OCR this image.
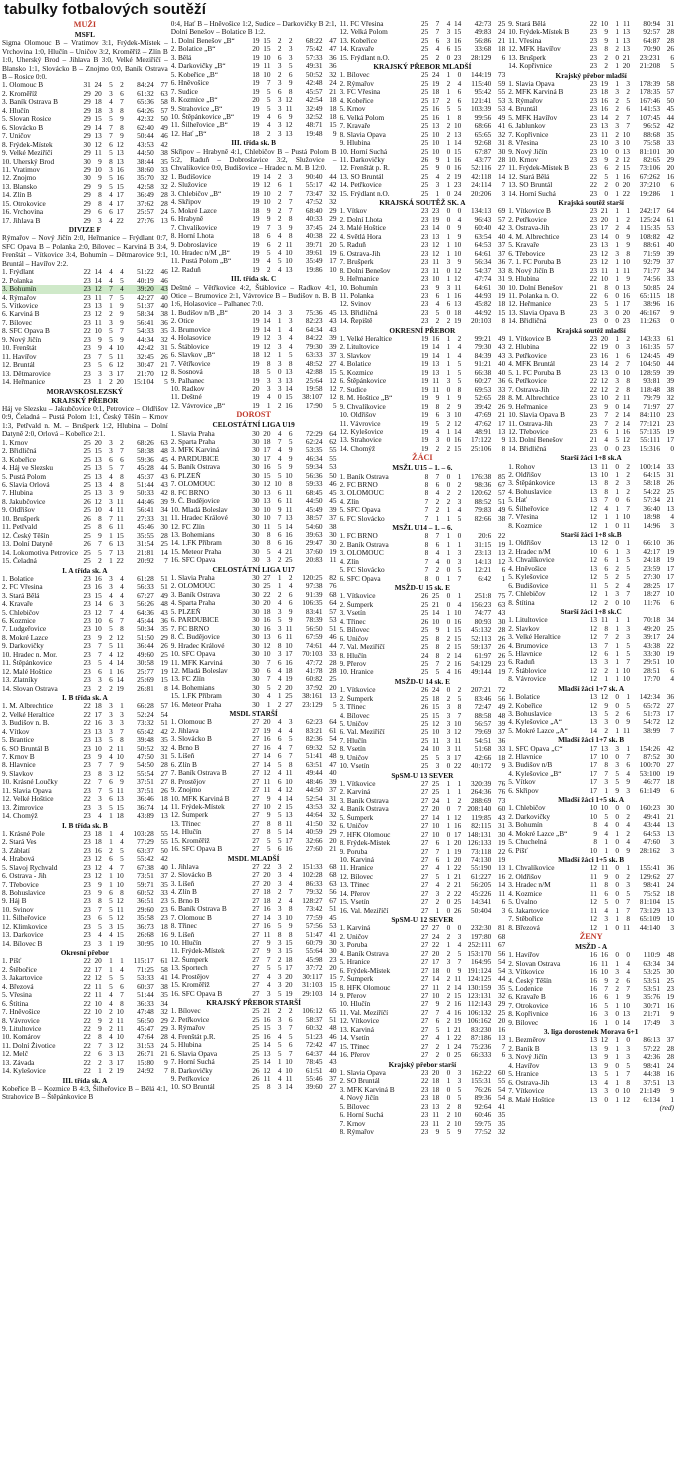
tabulky fotbalových soutěží
MUŽI
MSFL
Sigma Olomouc B – Vratimov 3:1, Frýdek-Místek – Vrchovina 1:0, Hlučín – Uničov 3:2, Kroměříž – Zlín B 1:0, Uherský Brod – Jihlava B 3:0, Velké Meziříčí – Blansko 1:1, Slovácko B – Znojmo 0:0, Baník Ostrava B – Rosice 0:0.
1. Olomouc B	31 24	5	2	84:24 77
2. Kroměříž	29 20	3	6	61:32 63
3. Baník Ostrava B	29 18	4	7	65:36 58
4. Hlučín	29 18	3	8	64:26 57
5. Slovan Rosice	29 15	5	9	42:32 50
6. Slovácko B	29 14	7	8	62:40 49
7. Uničov	29 13	7	9	50:44 46
8. Frýdek-Místek	30 12	6 12	43:53 42
9. Velké Meziříčí	29 11	5 13	44:50 38
10. Uherský Brod	30	9	8 13	38:44 35
11. Vratimov	29 10	3 16	38:60 33
12. Znojmo	30	9	5 16	35:70 32
13. Blansko	29	9	5 15	42:58 32
14. Zlín B	29	8	4 17	36:49 28
15. Otrokovice	29	8	4 17	37:62 28
16. Vrchovina	29	6	6 17	25:57 24
17. Jihlava B	29	3	4 22	27:76 13
DIVIZE F
Rýmařov – Nový Jičín 2:0, Heřmanice – Frýdlant 0:7, SFC Opava B – Polanka 2:0, Bílovec – Karviná B 3:4, Frenštát – Vítkovice 3:4, Bohumín – Dětmarovice 9:1, Bruntál – Havířov 2:2.
1. Frýdlant	22 14	4	4	51:22 46
2. Polanka	23 14	4	5	40:19 46
3. Bohumín	23 12	7	4	39:20 43
4. Rýmařov	23 11	7	5	42:27 40
5. Vítkovice	23 13	1	9	51:37 40
6. Karviná B	23 12	2	9	58:34 38
7. Bílovec	23 11	3	9	56:41 36
8. SFC Opava B	22 10	5	7	54:33 35
9. Nový Jičín	23	9	5	9	44:34 32
10. Frenštát	23	9	4 10	42:42 31
11. Havířov	23	7	5 11	32:45 26
12. Bruntál	23	5	6 12	30:47 21
13. Dětmarovice	23	3	3 17	21:70 12
14. Heřmanice	23	1	2 20	15:104	5
MORAVSKOSLEZSKÝ
KRAJSKÝ PŘEBOR
Háj ve Slezsku – Jakubčovice 0:1, Petrovice – Oldřišov 0:9, Čeladná – Pustá Polom 1:1, Český Těšín – Krnov 1:3, Petřvald n. M. – Brušperk 1:2, Hlubina – Dolní Datyně 2:0, Orlová – Kobeřice 2:1.
1. Krnov	25 20	3	2	68:26 63
2. Břidličná	25 15	3	7	58:38 48
3. Kobeřice	25 13	6	6	59:36 45
4. Háj ve Slezsku	25 13	5	7	45:28 44
5. Pustá Polom	25 13	4	8	45:37 43
6. Slavia Orlová	25 13	4	8	51:44 43
7. Hlubina	25 13	3	9	50:33 42
8. Jakubčovice	26 12	3 11	44:46 39
9. Oldřišov	25 10	4 11	56:41 34
10. Brušperk	26	8	7 11	27:33 31
11. Petřvald	25	8	6 11	45:46 30
12. Český Těšín	25	9	1 15	35:55 28
13. Dolní Datyně	26	7	6 13	31:54 25
14. Lokomotiva Petrovice 25	5	7 13	21:81 14
15. Čeladná	25	2	1 22	20:92	7
I. A třída sk. A
1. Bolatice	23 16	3	4	61:28 51
2. FC Vřesina	23 16	3	4	56:33 51
3. Stará Bělá	23 15	4	4	67:27 49
4. Kravaře	23 14	6	3	56:26 48
5. Chlebičov	23 12	7	4	64:36 43
6. Kozmice	23 10	6	7	45:44 36
7. Ludgeřovice	23 10	5	8	50:34 35
8. Mokré Lazce	23	9	2 12	51:50 29
9. Darkovičky	23	7	5 11	36:44 26
10. Hradec n. Mor.	23	7	4 12	49:60 25
11. Štěpánkovice	23	5	4 14	30:58 19
12. Malé Hoštice	23	6	1 16	25:77 19
13. Zlatníky	23	3	6 14	25:69 15
14. Slovan Ostrava	23	2	2 19	26:81	8
I. B třída sk. A
1. M. Albrechtice	22 18	3	1	66:28 57
2. Velké Heraltice	22 17	3	3	52:24 54
3. Budišov n. B.	22 16	3	3	73:32 51
4. Vítkov	23 13	3	7	65:42 42
5. Brantice	23 13	5	8	39:48 35
6. SO Bruntál B	23 10	2 11	50:52 32
7. Krnov B	23	9	4 10	47:50 31
8. Hlavnice	23	7	7	9	54:50 28
9. Slavkov	23	8	3 12	55:54 27
10. Krásné Loučky	22	7	6	9	37:51 27
11. Slavia Opava	23	7	5 11	37:51 26
12. Velké Hoštice	22	3	6 13	36:46 18
13. Žimrovice	23	3	5 15	36:74 14
14. Chomýž	23	4	1 18	43:89 13
I. B třída sk. B
1. Krásné Pole	23 18	1	4	103:28 55
2. Stará Ves	23 18	1	4	77:29 55
3. Záblatí	23 16	2	5	63:37 50
4. Hrabová	23 12	6	5	55:42 42
5. Slavoj Rychvald	23 12	4	7	67:38 40
6. Ostrava - Jih	23 12	1 10	73:51 37
7. Třebovice	23	9	1 10	59:71 35
8. Bohuslavice	23	9	6	8	60:52 33
9. Háj B	23	8	5 12	36:51 23
10. Svinov	23	7	5 11	29:60 23
11. Šilheřovice	23	6	5 12	35:58 23
12. Klimkovice	23	5	3 15	36:73 18
13. Darkovice	23	4	4 15	26:68 16
14. Bílovec B	23	3	1 19	30:95 10
Okresní přebor
1. Píšť	22 20	1	1	115:17 61
2. Štěbořice	22 17	1	4	71:25 58
3. Jakartovice	22 12	5	5	53:33 41
4. Březová	22 11	5	6	60:37 38
5. Vřesina	22 11	4	7	51:44 35
6. Štítina	22 10	4	8	36:33 34
7. Hněvošice	22 10	2 10	47:48 32
8. Vávrovice	22	9	2 11	56:50 29
9. Litultovice	22	9	2 11	45:47 29
10. Komárov	22	8	4 10	47:64 28
11. Dolní Životice	22	7	3 12	31:53 24
12. Melč	22	6	3 13	26:71 21
13. Závada	22	2	3 17	15:80	9
14. Kylešovice	22	1	2 19	24:92	7
III. třída sk. A
Kobeřice B – Kozmice B 4:3, Šilheřovice B – Bělá 4:1, Strahovice B – Štěpánkovice B
0:4, Hať B – Hněvošice 1:2, Sudice – Darkovičky B 2:1, Dolní Benešov – Bolatice B 1:2.
1. Dolní Benešov „B“	19 15	2	2	68:22 47
2. Bolatice „B“	20 15	2	3	75:42 47
3. Bělá	19 10	6	3	57:33 36
4. Darkovičky „B“	19 11	3	5	49:31 36
5. Kobeřice „B“	18 10	2	6	50:52 32
6. Hněvošice	19	7	3	9	42:48 24
7. Sudice	19	5	6	8	45:57 21
8. Kozmice „B“	20	5	3 12	42:54 18
9. Strahovice „B“	19	5	3 11	32:49 18
10. Štěpánkovice „B“	19	4	6	9	32:52 18
11. Šilheřovice „B“	19	4	3 12	48:71 15
12. Hať „B“	18	2	3 13	19:48	9
III. třída sk. B
Skřipov – Hrabyně 4:1, Chlebičov B – Pustá Polom B 5:2, Raduň – Dobroslavice 3:2, Služovice – Chvalíkovice 0:0, Budišovice – Hradec n. M. B 12:0.
1. Budišovice	19 14	2	3	90:40 44
2. Služovice	19 12	6	1	55:17 42
3. Chlebičov „B“	19 10	2	7	73:47 32
4. Skřipov	19 10	2	7	47:52 32
5. Mokré Lazce	18	9	2	7	68:40 29
6. Hrabyně	19	9	2	8	40:33 29
7. Chvalíkovice	19	7	3	9	37:45 24
8. Horní Lhota	18	6	4	8	40:38 22
9. Dobroslavice	19	6	2 11	39:71 20
10. Hradec n/M „B“	19	5	4 10	39:61 19
11. Pustá Polom „B“	19	4	5 10	35:49 17
12. Raduň	19	2	4 13	19:86 10
III. třída sk. C
Deštné – Větřkovice 4:2, Štáblovice – Radkov 4:1, Otice – Brumovice 2:1, Vávrovice B – Budišov n. B. B 1:6, Holasovice – Palhanec 7:0.
1. Budišov n/B „B“	20 14	3	3	75:36 45
2. Otice	19 14	1	3	82:23 43
3. Brumovice	19 14	1	4	64:34 43
4. Holasovice	19 12	3	4	84:22 39
5. Štáblovice	19 12	3	4	79:30 39
6. Slavkov „B“	18 12	1	5	63:33 37
7. Větřkovice	19	8	3	8	48:52 27
8. Sosnová	18	5	0 13	42:88 15
9. Palhanec	19	3	3 13	25:64 12
10. Radkov	20	3	3 14	19:58 12
11. Deštné	19	4	0 15	38:107 12
12. Vávrovice „B“	19	1	2 16	17:90	5
DOROST
CELOSTÁTNÍ LIGA U19
1. Slavia Praha	30 20	4	6	72:29 64
2. Sparta Praha	30 18	7	5	62:24 62
3. MFK Karviná	30 17	4	9	53:35 55
4. PARDUBICE	30 17	4	9	46:34 55
5. Baník Ostrava	30 16	5	9	59:34 53
6. PLZEŇ	30 15	5 10	56:36 50
7. OLOMOUC	30 12 10	8	59:33 46
8. FC BRNO	30 13	6 11	68:45 45
9. Č. Budějovice	30 13	6 11	44:50 45
10. Mladá Boleslav	30 10	9 11	45:49 39
11. Hradec Králové	30 10	7 13	38:57 37
12. FC Zlín	30 11	5 14	54:60 38
13. Bohemians	30	8	6 16	39:63 30
14. 1.FK Příbram	30	8	6 16	29:47 30
15. Meteor Praha	30	5	4 21	37:60 19
16. SFC Opava	30	3	2 25	20:83 11
CELOSTÁTNÍ LIGA U17
1. Slavia Praha	30 27	1	2	120:25 82
2. OLOMOUC	30 25	1	4	97:38 76
3. Baník Ostrava	30 22	2	6	91:39 68
4. Sparta Praha	30 20	4	6	106:35 64
5. PLZEŇ	30 18	3	9	83:41 57
6. PARDUBICE	30 16	5	9	78:39 53
7. FC BRNO	30 16	3 11	56:50 51
8. Č. Budějovice	30 13	6 11	67:59 46
9. Hradec Králové	30 12	8 10	74:61 44
10. SFC Opava	30 10	3 17	70:103 33
11. MFK Karviná	30	7	6 16	47:72 28
12. Mladá Boleslav	30	6	4 18	41:78 28
13. FC Zlín	30	7	4 19	60:82 25
14. Bohemians	30	5	2 20	37:92 20
15. 1.FK Příbram	30	4	1 25	38:161 13
16. Meteor Praha	30	1	2 27	23:129	5
MSDL STARŠÍ
1. Olomouc B	27 20	4	3	62:23 64
2. Jihlava	27 19	4	4	83:21 61
3. Slovácko B	27 16	6	5	82:36 54
4. Brno B	27 16	4	7	69:32 52
5. Líšeň	27 14	6	7	51:41 48
6. Zlín B	27 14	5	8	63:51 47
7. Baník Ostrava B	27 12	4 11	49:44 40
8. Prostějov	27 11	6 10	48:46 39
9. Znojmo	27 11	4 12	44:50 37
10. MFK Karviná B	27	9	4 14	52:54 31
11. Frýdek-Místek	27 10	2 15	43:53 32
12. Šumperk	27	9	5 13	44:64 32
13. Třinec	27	8	8 11	41:50 32
14. Hlučín	27	8	5 14	40:59 29
15. Kroměříž	27	5	5 17	32:66 20
16. SFC Opava B	27	5	6 16	27:60 21
MSDL MLADŠÍ
1. Jihlava	27 22	3	2	151:33 68
2. Slovácko B	27 20	3	4	102:28 68
3. Líšeň	27 20	3	4	86:33 63
4. Zlín B	27 18	2	7	79:32 56
5. Brno B	27 18	2	4	128:27 67
6. Baník Ostrava B	27 16	3	8	73:42 51
7. Olomouc B	27 14	3 10	77:59 45
8. Třinec	27 16	5	9	57:56 53
9. Líšeň	27 11	8	8	51:47 41
10. Hlučín	27	9	3 15	60:79 30
11. Frýdek-Místek	27	9	3 15	55:64 30
12. Šumperk	27	7	2 18	45:98 23
13. Sportech	27	5	5 17	37:72 20
14. Prostějov	27	4	3 20	30:117 15
15. Kroměříž	27	4	3 20	31:103 15
16. SFC Opava B	27	3	5 19	29:103 14
KRAJSKÝ PŘEBOR STARŠÍ
1. Bílovec	25 21	2	2	106:12 65
2. Petřkovice	25 16	3	6	58:37 51
3. Rýmařov	25 15	3	7	60:32 48
4. Frenštát p.R.	25 16	4	5	51:23 46
5. Hlubina	25 14	5	6	72:42 47
6. Slavia Opava	25 13	5	7	64:37 44
7. Horní Suchá	25 14	1 10	78:45 43
8. Darkovičky	26 12	4 10	61:51 40
9. Petřkovice	26 11	4 11	55:46 37
10. SO Bruntál	25	8	3 14	39:60 27
11. FC Vřesina	25	7	4 14	42:73 25
12. Velká Polom	25	7	3 15	49:83 24
13. Kobeřice	25	6	3 16	56:86 21
14. Kravaře	25	4	6 15	33:68 18
15. Frýdlant n.O.	25	2	0 23	28:129	6
KRAJSKÝ PŘEBOR MLADŠÍ
1. Bílovec	25 24	1	0	144:19 73
2. Rýmařov	25 19	2	4	115:40 59
3. FC Vřesina	25 18	1	6	95:42 55
4. Kobeřice	25 17	2	6	121:41 53
5. Krnov	25 16	5	5	103:39 53
6. Velká Polom	25 16	1	8	99:56 49
7. Kravaře	25 13	2 10	68:66 41
8. Slavia Opava	25 10	2 13	65:65 32
9. Hlubina	25 10	1 14	92:68 31
10. Horní Suchá	25 10	0 15	67:87 30
11. Darkovičky	26	9	1 16	43:77 28
12. Frenštát p. R.	25	9	0 16	52:116 27
13. SO Bruntál	25	4	2 19	42:118 14
14. Petřkovice	25	3	1 23	24:114	7
15. Frýdlant n.O.	25	1	0 24	20:206	3
KRAJSKÁ SOUTĚŽ SK. A
1. Vítkov	23 23	0	0	134:13 69
2. Dolní Lhota	23 19	0	4	96:43 57
3. Malé Hoštice	23 14	0	9	60:40 42
4. Světlá Hora	23 13	1	9	63:54 40
5. Raduň	23 12	1 10	64:53 37
6. Ostrava-Jih	23 12	1 10	64:61 37
7. Brušperk	23 11	3	9	56:34 36
8. Dolní Benešov	23 11	0 12	54:37 33
9. Heřmanice	23 10	1 12	47:74 31
10. Bohumín	23	9	3 11	64:61 30
11. Polanka	23	6	1 16	44:93 19
12. Svinov	23	4	6 13	45:82 18
13. Břidličná	23	5	0 18	44:92 15
14. Řepiště	23	2	2 19	20:103	8
OKRESNÍ PŘEBOR
1. Velké Heraltice	19 16	1	2	99:21 49
2. Litultovice	19 14	1	4	79:30 43
3. Slavkov	19 14	1	4	84:39 43
4. Bolatice	19 13	1	5	91:21 40
5. Kozmice	19 13	1	5	66:38 40
6. Štěpánkovice	19 11	3	5	60:27 36
7. Sudice	19 11	0	8	69:53 33
8. M. Hoštice „B“	19	9	1	9	52:65 28
9. Chvalíkovice	19	8	2	9	39:42 26
10. Oldřišov	19	6	3 10	47:69 21
11. Vávrovice	19	5	2 12	47:62 17
12. Kylešovice	19	4	1 14	48:91 13
13. Strahovice	19	3	0 16	17:122	9
14. Chomýž	19	2	2 15	25:106	8
ŽÁCI
MSŽL U15 – 1. – 6.
1. Baník Ostrava	8	7	0	1	176:38 85
2. FC BRNO	8	6	0	2	98:36 67
3. OLOMOUC	8	4	2	2	120:62 57
4. Zlín	7	2	2	3	88:52 51
5. SFC Opava	7	2	1	4	79:83 49
6. FC Slovácko	7	1	1	5	82:66 38
MSŽL U14 – 1. – 6.
1. FC BRNO	8	7	1	0	20:6 22
2. Baník Ostrava	8	6	1	1	31:15 19
3. OLOMOUC	8	4	1	3	23:13 13
4. Zlín	7	4	0	3	14:13 12
5. FC Slovácko	7	2	0	5	12:21	6
6. SFC Opava	8	0	1	7	6:42	1
MSŽD-U 15 sk. E
1. Vítkovice	26 25	0	1	251:8 75
2. Šumperk	25 21	0	4	156:23 63
3. Vsetín	25 14	1 10	74:77 43
4. Třinec	26 10	0 16	80:93 30
5. Bílovec	25	9	1 15	45:132 28
6. Uničov	25	8	2 15	52:113 26
7. Val. Meziříčí	25	8	2 15	59:137 26
8. Hlučín	24	8	2 14	61:97 26
9. Přerov	25	7	2 16	54:129 23
10. Hranice	25	5	4 16	49:144 19
MSŽD-U 14 sk. E
1. Vítkovice	26 24	0	2	207:21 72
2. Šumperk	25 18	2	5	83:46 56
3. Třinec	26 15	3	8	72:47 49
4. Bílovec	25 15	3	7	88:58 48
5. Uničov	25 12	3 10	56:57 39
6. Val. Meziříčí	25 10	3 12	79:69 37
7. Hlučín	25 11	3 11	54:51 36
8. Vsetín	24 10	3 11	51:68 33
9. Uničov	25	5	3 17	42:66 18
10. Vsetín	25	3	0 22	40:172	9
SpSM-U 13 SEVER
1. Vítkovice	27 25	1	1	320:39 76
2. Karviná	27 25	1	1	264:36 76
3. Baník Ostrava	27 24	1	2	288:69 73
4. Baník Ostrava	27 20	0	7 208:140 60
5. Šumperk	27 14	1 12	119:85 43
6. Uničov	27 10	1 16	82:115 31
7. HFK Olomouc	27 10	0 17 148:131 30
8. Frýdek-Místek	27	6	1 20 126:133 19
9. Poruba	27	7	1 19	73:118 22
10. Karviná	27	6	1 20	74:130 19
11. Hranice	27	4	1 22	55:190 13
12. Bílovec	27	5	1 21	61:227 16
13. Třinec	27	4	2 21	56:205 14
14. Přerov	27	3	2 22	45:226 11
15. Vsetín	27	2	0 25	14:341	6
16. Val. Meziříčí	27	1	0 26	50:404	3
SpSM-U 12 SEVER
1. Karviná	27 27	0	0	232:30 81
2. Uničov	27 24	2	3	197:80 68
3. Poruba	27 22	1	4 252:111 67
4. Baník Ostrava	27 20	2	5 153:170 56
5. Hranice	27 17	3	7	164:95 54
6. Frýdek-Místek	27 18	0	9 191:124 54
7. Šumperk	27 14	2 11 124:125 44
8. HFK Olomouc	27 11	2 14 130:159 35
9. Přerov	27 10	2 15 123:131 32
10. Hlučín	27	9	2 16 112:143 29
11. Val. Meziříčí	27	7	4 16 106:132 25
12. Vítkovice	27	6	2 19 106:162 20
13. Karviná	27	5	1 21	83:230 16
14. Vsetín	27	4	1 22	87:186 13
15. Třinec	27	2	1 24	75:236	7
16. Přerov	27	2	0 25	66:333	6
Krajský přebor starší
1. Slavia Opava	23 20	0	3	162:22 60
2. SO Bruntál	22 18	1	3	155:31 55
3. MFK Karviná B	23 18	0	5	76:26 54
4. Nový Jičín	23 18	0	5	89:36 54
5. Bílovec	23 13	2	8	92:64 41
6. Horní Suchá	23 11	2 10	60:46 35
7. Krnov	23 11	2 10	59:75 35
8. Rýmařov	23	9	5	9	77:52 32
9. Stará Bělá	22 10	1 11	80:94 31
10. Frýdek-Místek B	23	9	1 13	92:57 28
11. Vřesina	23	9	1 13	64:87 28
12. MFK Havířov	23	8	2 13	70:90 26
13. Brušperk	23	2	0 21	23:231	6
14. Kopřivnice	23	2	1 20	21:208	5
Krajský přebor mladší
1. Slavia Opava	23 19	1	3	178:39 58
2. MFK Karviná B	23 18	3	2	178:35 57
3. Rýmařov	23 16	2	5	167:46 50
4. Bruntál	23 16	2	6	141:53 45
5. MFK Havířov	23 14	2	7	107:45 44
6. Jablunkov	23 13	3	7	96:52 42
7. Kopřivnice	23 11	2 10	88:68 35
8. Vřesina	23 10	3 10	75:58 33
9. Nový Jičín	23 10	0 13	81:101 30
10. Krnov	23	9	2 12	82:65 29
11. Frýdek-Místek B	23	6	2 15	73:106 20
12. Stará Bělá	22	5	1 16	67:262 16
13. SO Bruntál	22	2	0 20	37:210	6
14. Horní Suchá	23	0	1 22	19:286	1
Krajská soutěž starší
1. Vítkovice B	23 21	1	1	242:17 64
2. Petřkovice	23 20	1	2	125:24 61
3. Ostrava-Jih	23 17	2	4	115:35 53
4. M. Albrechtice	23 14	0	9	108:82 42
5. Kravaře	23 13	1	9	88:61 40
6. Třebovice	23 12	3	8	71:59 39
7. 1. FC Poruba B	23 12	1 10	92:79 37
8. Nový Jičín B	23 11	1 11	71:77 34
9. Hlubina	22 10	1	9	74:56 33
10. Dolní Benešov	21	8	0 13	50:85 24
11. Polanka n. O.	22	6	0 16	65:115 18
12. Heřmanice	23	5	1 17	38:96 16
13. Slavia Opava B	23	3	0 20	46:167	9
14. Břidličná	23	0	0 23	11:263	0
Krajská soutěž mladší
1. Vítkovice B	23 20	1	2	143:33 61
2. Hlubina	22 19	0	3	161:35 57
3. Petřkovice	23 16	1	6	124:45 49
4. MFK Bruntál	23 14	2	7	104:50 44
5. 1. FC Poruba B	23 13	0 10	128:59 39
6. Petřkovice	22 12	3	8	93:81 39
7. Ostrava-Jih	22 12	2	8	118:48 38
8. M. Albrechtice	23 10	2 11	79:79 32
9. Heřmanice	23	9	0 14	71:97 27
10. Slavia Opava B	23	7	2 14	84:110 23
11. Ostrava-Jih	23	7	2 14	77:121 23
12. Třebovice	23	6	1 16	57:135 19
13. Dolní Benešov	21	4	5 12	55:111 17
14. Břidličná	23	0	0 23	15:316	0
Starší žáci 1+8 sk.A
1. Rohov	13 11	0	2	100:14 33
2. Oldřišov	13 10	1	2	64:15 31
3. Štěpánkovice	13	8	2	3	58:18 26
4. Bohuslavice	13	8	1	2	54:22 25
5. Hať	13	7	0	6	57:34 21
6. Šilheřovice	12	4	1	7	36:40 13
7. Vřesina	12	1	1 10	18:98	4
8. Kozmice	12	1	0 11	14:96	3
Starší žáci 1+8 sk.B
1. Oldřišov	13 12	0	1	66:10 36
2. Hradec n/M	10	6	1	3	42:17 19
3. Chvalíkovice	12	6	1	5	24:18 19
4. Hněvošice	13	6	2	5	23:59 17
5. Kylešovice	12	5	2	5	27:30 17
6. Budišovice	11	5	2	4	28:25 17
7. Chlebičov	12	1	3	7	18:27 10
8. Štítina	12	2	0 10	11:76	6
Starší žáci 1+8 sk.C
1. Litultovice	13 11	1	1	70:18 34
2. Slavkov	12	8	1	3	49:20 25
3. Velké Heraltice	12	7	2	3	39:17 24
4. Brumovice	13	7	1	5	43:38 22
5. Hlavnice	12	6	1	5	33:30 19
6. Raduň	13	3	1	7	29:51 10
7. Štáblovice	12	2	1 10	28:51	6
8. Vávrovice	12	1	1 10	17:70	4
Mladší žáci 1+7 sk. A
1. Bolatice	13 12	0	1	142:34 36
2. Kobeřice	12	9	0	5	65:72 27
3. Bohuslavice	13	5	2	6	51:73 17
4. Kylešovice „A“	13	3	0	9	54:72 12
5. Mokré Lazce „A“	14	2	1 11	38:99	7
Mladší žáci 1+7 sk. B
1. SFC Opava „C“	17 13	3	1	154:26 42
2. Hlavnice	17 10	0	7	87:52 30
3. Budišov n/B	17	8	3	6	100:70 27
4. Kylešovice „B“	17	7	5	4	53:100 19
5. Vítkov	17	3	5	9	46:77 18
6. Skřipov	17	1	9	3	61:149	6
Mladší žáci 1+5 sk. A
1. Chlebičov	10 10	0	0	160:23 30
2. Darkovičky	10	5	0	2	49:41 21
3. Bohumín	8	4	0	4	43:44 13
4. Mokré Lazce „B“	9	4	1	2	64:53 13
5. Chuchelná	8	1	0	4	47:60	3
6. Píšť	10	1	0	9	28:162	3
Mladší žáci 1+5 sk. B
1. Chvalíkovice	12 11	0	1	155:41 36
2. Oldřišov	11	9	0	2	129:62 27
3. Hradec n/M	11	8	0	3	98:41 24
4. Kozmice	11	6	0	5	75:52 18
5. Úvalno	12	5	0	7	81:104 15
6. Jakartovice	11	4	1	7	73:129 13
7. Stěbořice	12	3	1	8	65:109 10
8. Březová	12	1	0 11	44:140	3
ŽENY
MSŽD - A
1. Havířov	16 16	0	0	110:9 48
2. Slovan Ostrava	16 11	1	4	63:34 34
3. Vítkovice	16 10	3	4	53:25 30
4. Český Těšín	16	9	2	6	53:51 25
5. Lodenice	16	7	2	7	53:51 23
6. Kravaře B	16	6	1	9	35:76 19
7. Otrokovice	16	5	1 10	30:71 16
8. Kopřivnice	16	3	0 13	21:71	9
9. Bílovec	16	1	0 14	17:49	3
3. liga dorostenek Morava 6+1
1. Bezměrov	13 12	1	0	86:13 37
2. Baník B	13	9	1	3	57:22 28
3. Nový Jičín	13	9	1	3	42:36 28
4. Havířov	13	9	0	5	98:41 24
5. Hranice	13	5	1	7	44:38 16
6. Ostrava-Jih	13	4	1	8	37:51 13
7. Vítkovice	13	3	0 10	21:149	9
8. Malé Hoštice	13	0	1 12	6:134	1
(red)
